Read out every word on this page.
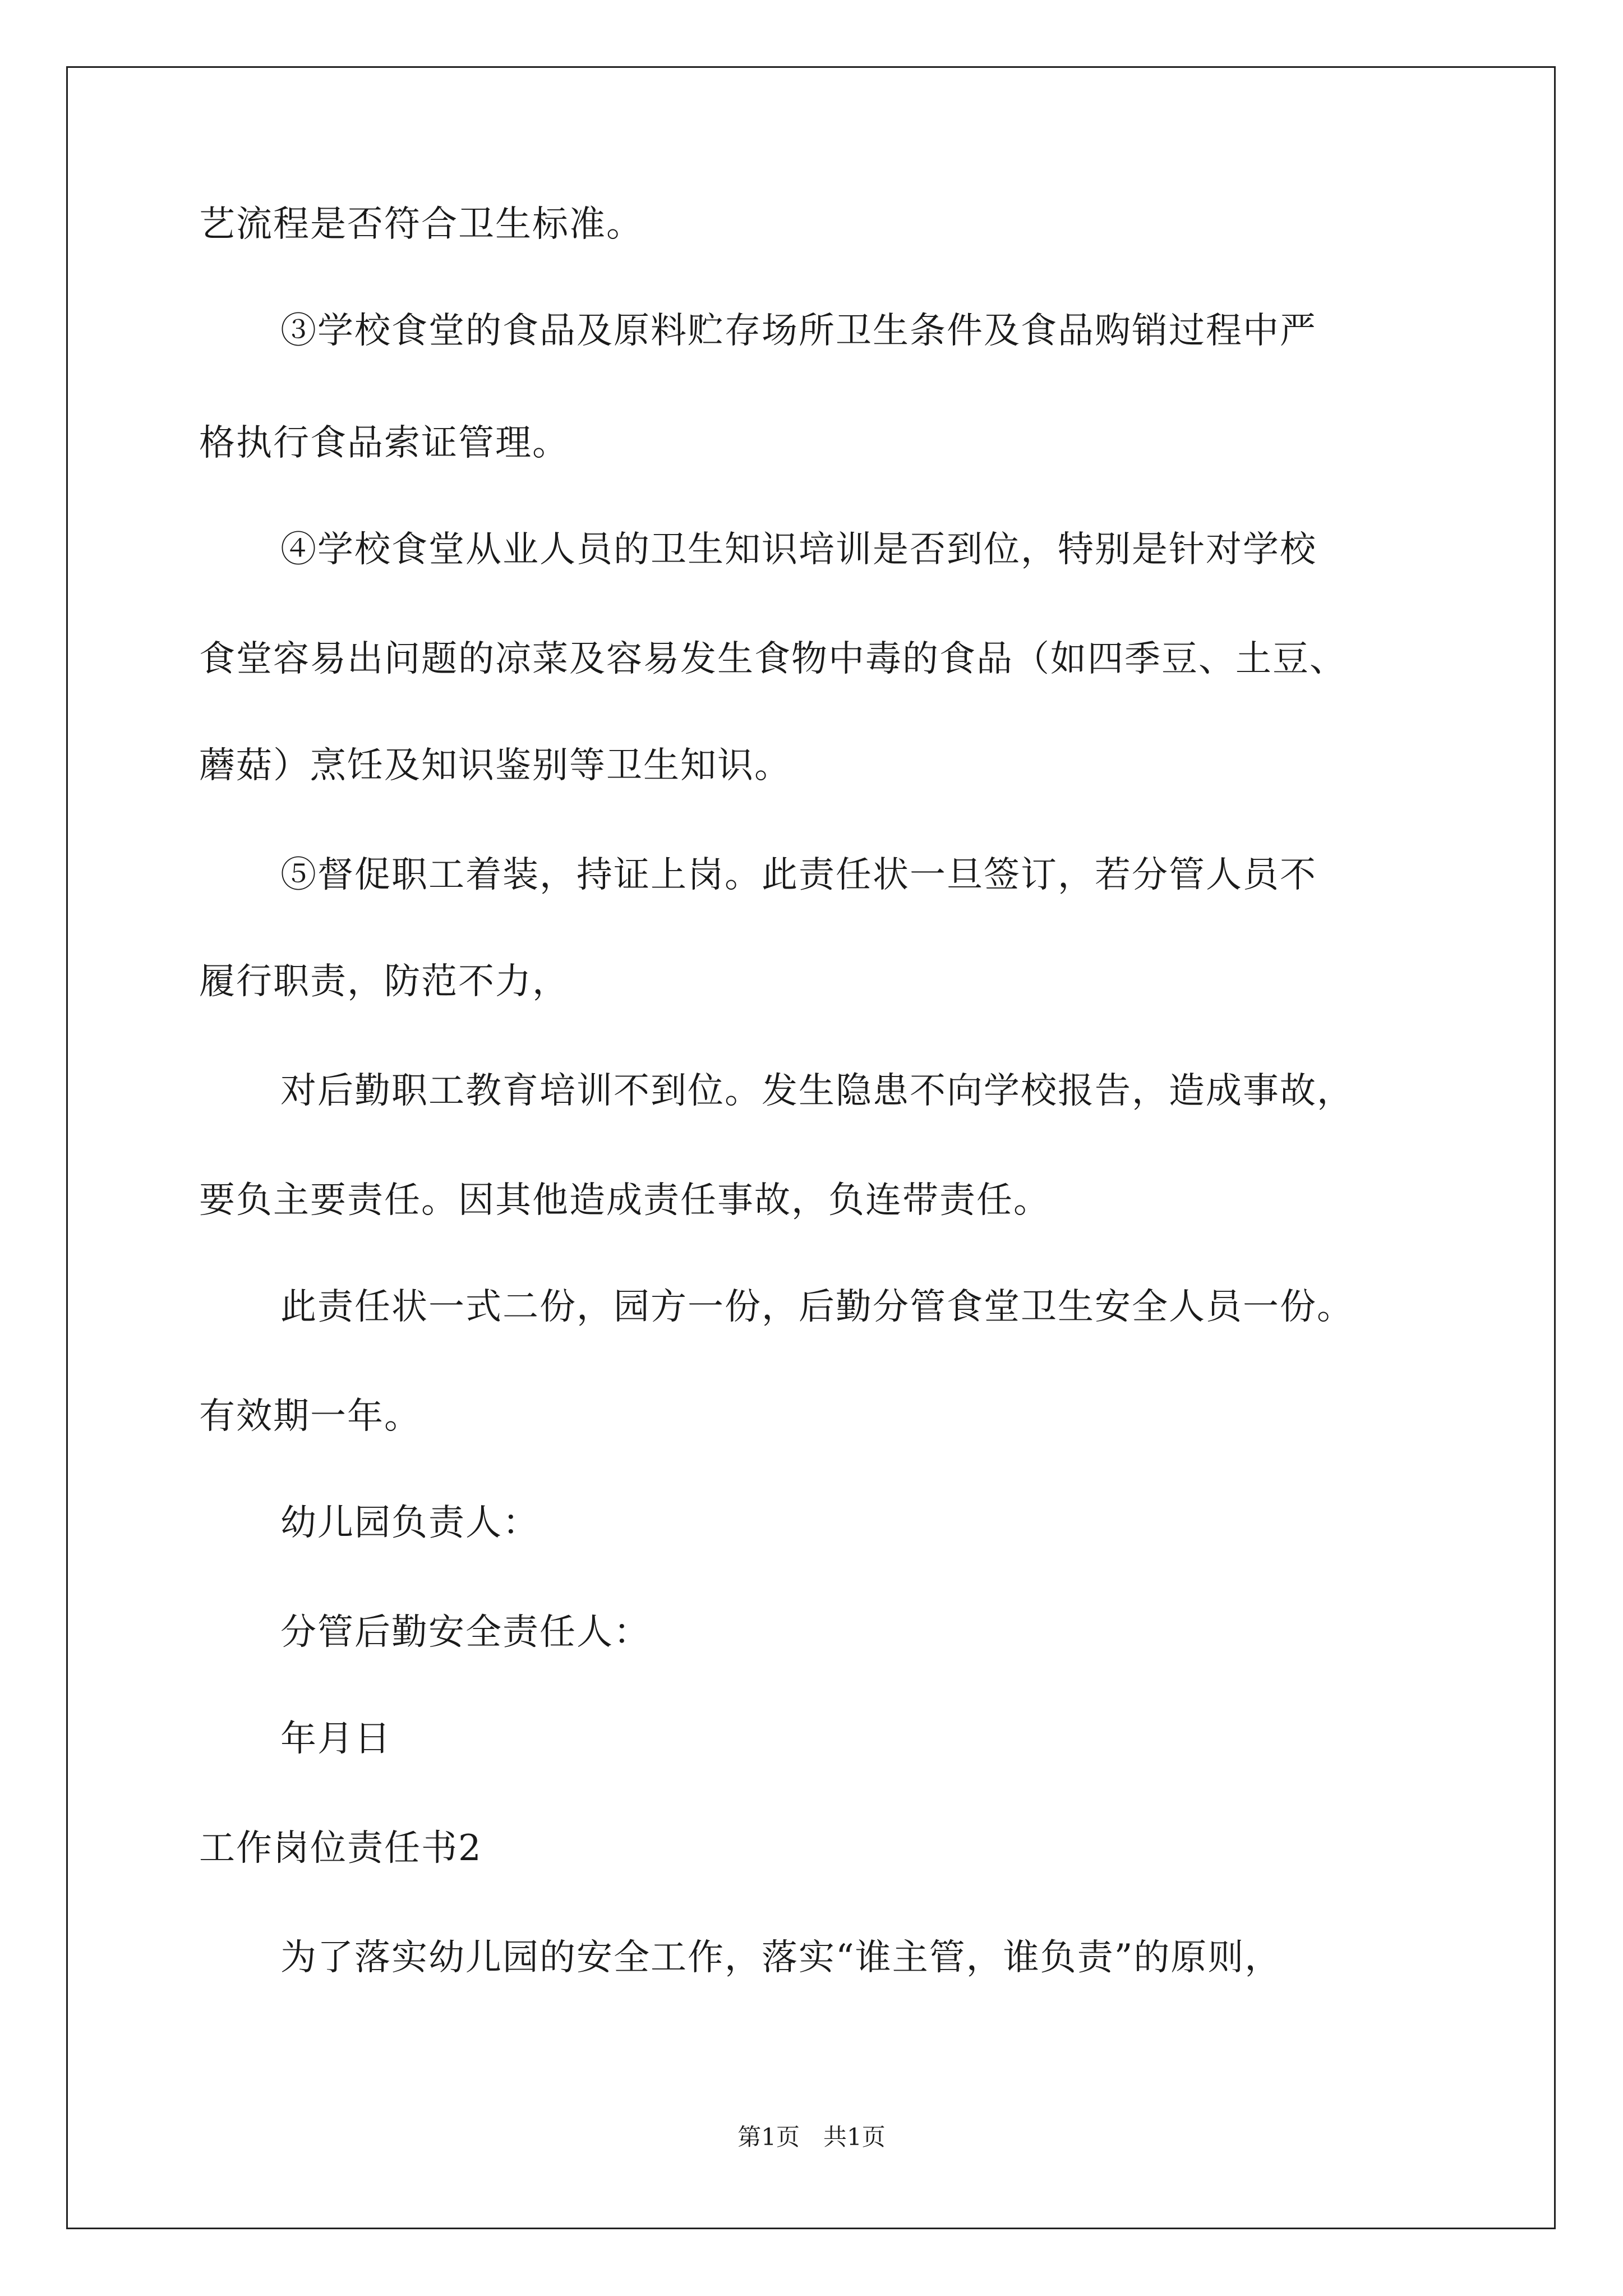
艺流程是否符合卫生标准。
③学校食堂的食品及原料贮存场所卫生条件及食品购销过程中严
格执行食品索证管理。
④学校食堂从业人员的卫生知识培训是否到位，特别是针对学校
食堂容易出问题的凉菜及容易发生食物中毒的食品（如四季豆、土豆、
蘑菇）烹饪及知识鉴别等卫生知识。
⑤督促职工着装，持证上岗。此责任状一旦签订，若分管人员不
履行职责，防范不力，
对后勤职工教育培训不到位。发生隐患不向学校报告，造成事故，
要负主要责任。因其他造成责任事故，负连带责任。
此责任状一式二份，园方一份，后勤分管食堂卫生安全人员一份。
有效期一年。
幼儿园负责人：
分管后勤安全责任人：
年月日
工作岗位责任书2
为了落实幼儿园的安全工作，落实“谁主管，谁负责”的原则，
第1页　共1页
